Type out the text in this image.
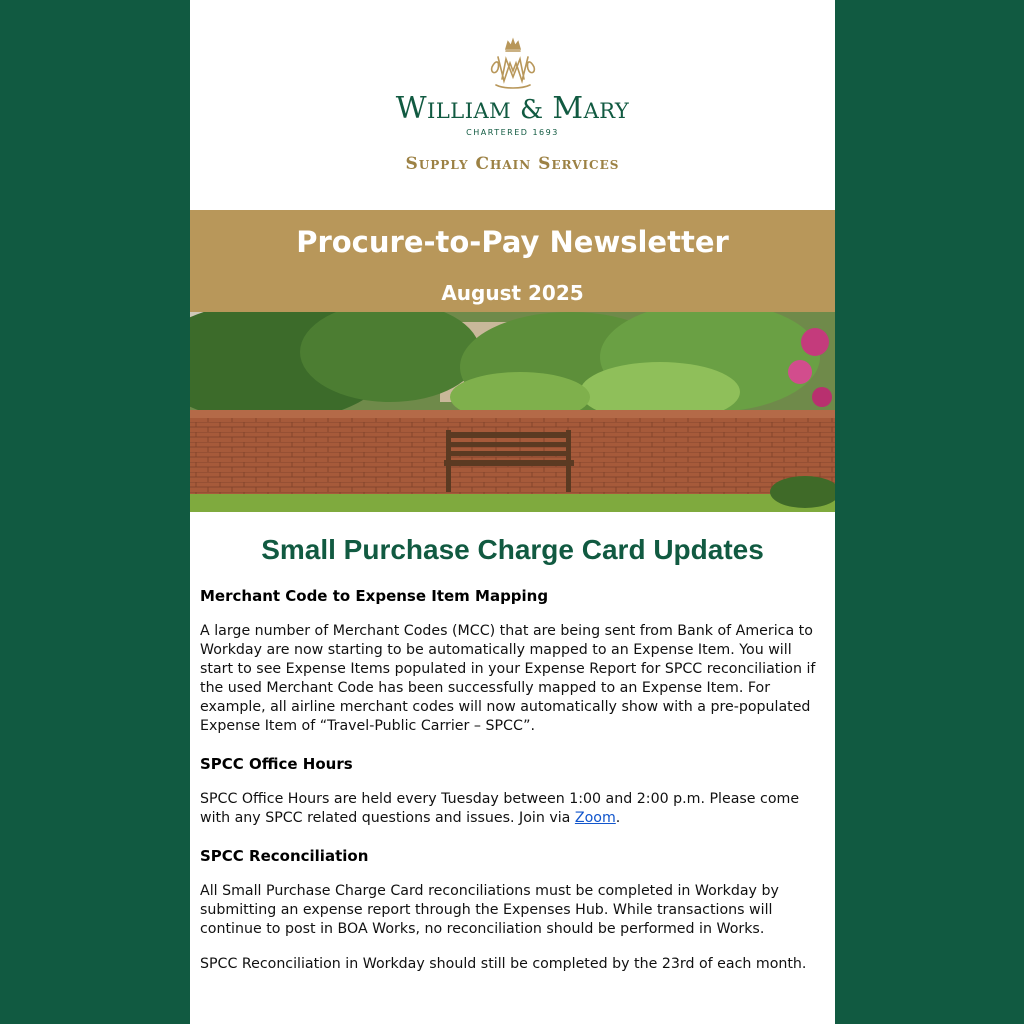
William & Mary
CHARTERED 1693
Supply Chain Services
Procure-to-Pay Newsletter
August 2025
Small Purchase Charge Card Updates
Merchant Code to Expense Item Mapping

A large number of Merchant Codes (MCC) that are being sent from Bank of America to Workday are now starting to be automatically mapped to an Expense Item. You will start to see Expense Items populated in your Expense Report for SPCC reconciliation if the used Merchant Code has been successfully mapped to an Expense Item. For example, all airline merchant codes will now automatically show with a pre-populated Expense Item of “Travel-Public Carrier – SPCC”.

SPCC Office Hours

SPCC Office Hours are held every Tuesday between 1:00 and 2:00 p.m. Please come with any SPCC related questions and issues. Join via Zoom.

SPCC Reconciliation

All Small Purchase Charge Card reconciliations must be completed in Workday by submitting an expense report through the Expenses Hub. While transactions will continue to post in BOA Works, no reconciliation should be performed in Works.

SPCC Reconciliation in Workday should still be completed by the 23rd of each month.
